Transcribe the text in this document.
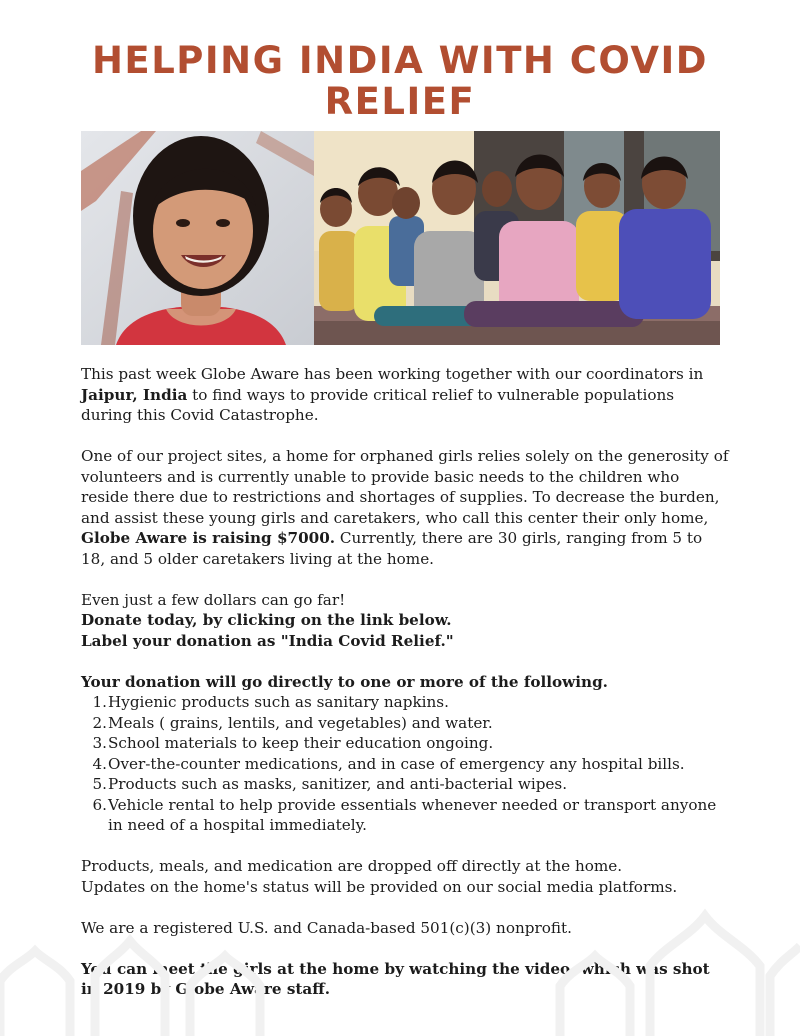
HELPING INDIA WITH COVID RELIEF

This past week Globe Aware has been working together with our coordinators in Jaipur, India to find ways to provide critical relief to vulnerable populations during this Covid Catastrophe.

One of our project sites, a home for orphaned girls relies solely on the generosity of volunteers and is currently unable to provide basic needs to the children who reside there due to restrictions and shortages of supplies. To decrease the burden, and assist these young girls and caretakers, who call this center their only home, Globe Aware is raising $7000. Currently, there are 30 girls, ranging from 5 to 18, and 5 older caretakers living at the home.

Even just a few dollars can go far!

Donate today, by clicking on the link below.

Label your donation as "India Covid Relief."

Your donation will go directly to one or more of the following.

1. Hygienic products such as sanitary napkins.
2. Meals ( grains, lentils, and vegetables) and water.
3. School materials to keep their education ongoing.
4. Over-the-counter medications, and in case of emergency any hospital bills.
5. Products such as masks, sanitizer, and anti-bacterial wipes.
6. Vehicle rental to help provide essentials whenever needed or transport anyone in need of a hospital immediately.

Products, meals, and medication are dropped off directly at the home.

Updates on the home's status will be provided on our social media platforms.

We are a registered U.S. and Canada-based 501(c)(3) nonprofit.

You can meet the girls at the home by watching the video, which was shot in 2019 by Globe Aware staff.
